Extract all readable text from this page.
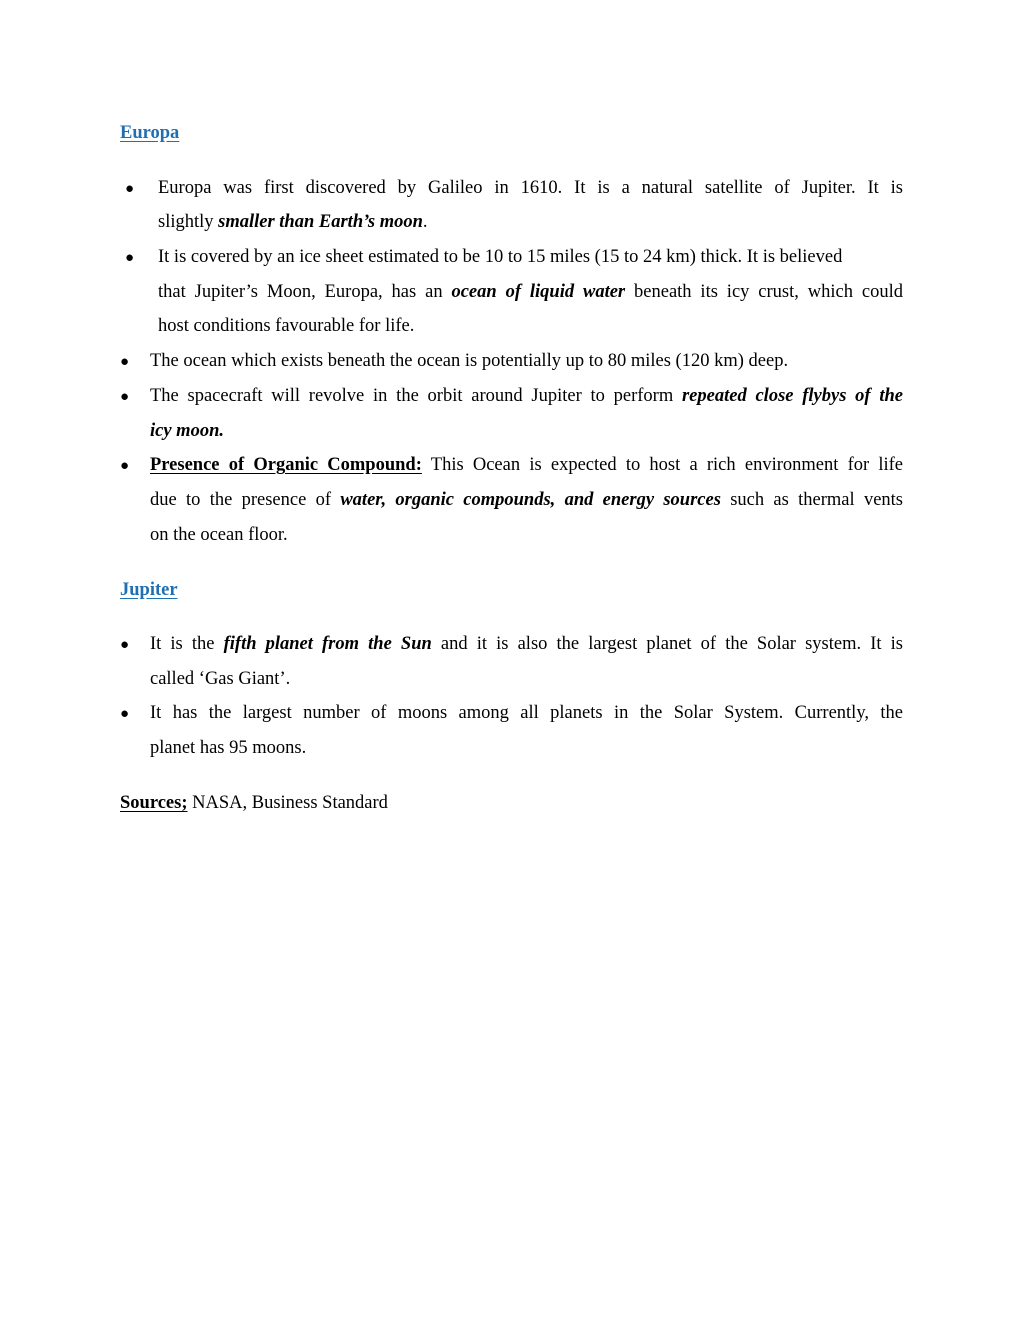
Europa
● Europa was first discovered by Galileo in 1610. It is a natural satellite of Jupiter. It is
slightly smaller than Earth’s moon.
● It is covered by an ice sheet estimated to be 10 to 15 miles (15 to 24 km) thick. It is believed
that Jupiter’s Moon, Europa, has an ocean of liquid water beneath its icy crust, which could
host conditions favourable for life.
● The ocean which exists beneath the ocean is potentially up to 80 miles (120 km) deep.
● The spacecraft will revolve in the orbit around Jupiter to perform repeated close flybys of the
icy moon.
● Presence of Organic Compound: This Ocean is expected to host a rich environment for life
due to the presence of water, organic compounds, and energy sources such as thermal vents
on the ocean floor.
Jupiter
● It is the fifth planet from the Sun and it is also the largest planet of the Solar system. It is
called ‘Gas Giant’.
● It has the largest number of moons among all planets in the Solar System. Currently, the
planet has 95 moons.
Sources; NASA, Business Standard
